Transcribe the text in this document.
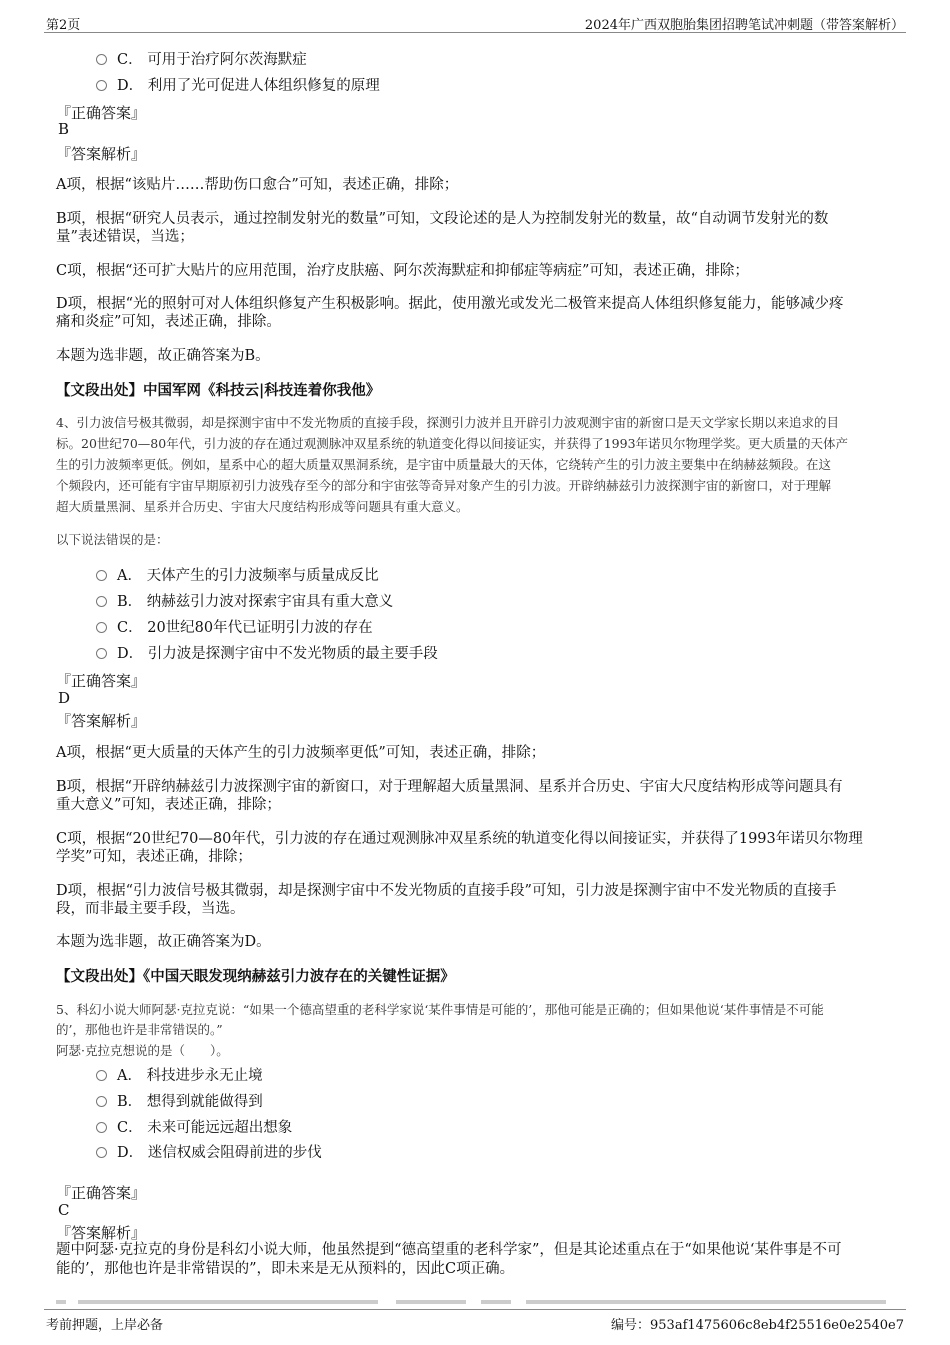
第2页	2024年广西双胞胎集团招聘笔试冲刺题（带答案解析）
C． 可用于治疗阿尔茨海默症
D． 利用了光可促进人体组织修复的原理
『正确答案』
B
『答案解析』
A项，根据“该贴片……帮助伤口愈合”可知，表述正确，排除；
B项，根据“研究人员表示，通过控制发射光的数量”可知，文段论述的是人为控制发射光的数量，故“自动调节发射光的数
量”表述错误，当选；
C项，根据“还可扩大贴片的应用范围，治疗皮肤癌、阿尔茨海默症和抑郁症等病症”可知，表述正确，排除；
D项，根据“光的照射可对人体组织修复产生积极影响。据此，使用激光或发光二极管来提高人体组织修复能力，能够减少疼
痛和炎症”可知，表述正确，排除。
本题为选非题，故正确答案为B。
【文段出处】中国军网《科技云|科技连着你我他》
4、引力波信号极其微弱，却是探测宇宙中不发光物质的直接手段，探测引力波并且开辟引力波观测宇宙的新窗口是天文学家长期以来追求的目
标。20世纪70—80年代，引力波的存在通过观测脉冲双星系统的轨道变化得以间接证实，并获得了1993年诺贝尔物理学奖。更大质量的天体产
生的引力波频率更低。例如，星系中心的超大质量双黑洞系统，是宇宙中质量最大的天体，它绕转产生的引力波主要集中在纳赫兹频段。在这
个频段内，还可能有宇宙早期原初引力波残存至今的部分和宇宙弦等奇异对象产生的引力波。开辟纳赫兹引力波探测宇宙的新窗口，对于理解
超大质量黑洞、星系并合历史、宇宙大尺度结构形成等问题具有重大意义。
以下说法错误的是：
A． 天体产生的引力波频率与质量成反比
B． 纳赫兹引力波对探索宇宙具有重大意义
C． 20世纪80年代已证明引力波的存在
D． 引力波是探测宇宙中不发光物质的最主要手段
『正确答案』
D
『答案解析』
A项，根据“更大质量的天体产生的引力波频率更低”可知，表述正确，排除；
B项，根据“开辟纳赫兹引力波探测宇宙的新窗口，对于理解超大质量黑洞、星系并合历史、宇宙大尺度结构形成等问题具有
重大意义”可知，表述正确，排除；
C项，根据“20世纪70—80年代，引力波的存在通过观测脉冲双星系统的轨道变化得以间接证实，并获得了1993年诺贝尔物理
学奖”可知，表述正确，排除；
D项，根据“引力波信号极其微弱，却是探测宇宙中不发光物质的直接手段”可知，引力波是探测宇宙中不发光物质的直接手
段，而非最主要手段，当选。
本题为选非题，故正确答案为D。
【文段出处】《中国天眼发现纳赫兹引力波存在的关键性证据》
5、科幻小说大师阿瑟·克拉克说：“如果一个德高望重的老科学家说‘某件事情是可能的’，那他可能是正确的；但如果他说‘某件事情是不可能
的’，那他也许是非常错误的。”
阿瑟·克拉克想说的是（　　）。
A． 科技进步永无止境
B． 想得到就能做得到
C． 未来可能远远超出想象
D． 迷信权威会阻碍前进的步伐
『正确答案』
C
『答案解析』
题中阿瑟·克拉克的身份是科幻小说大师，他虽然提到“德高望重的老科学家”，但是其论述重点在于“如果他说‘某件事是不可
能的’，那他也许是非常错误的”，即未来是无从预料的，因此C项正确。
考前押题，上岸必备	编号：953af1475606c8eb4f25516e0e2540e7
